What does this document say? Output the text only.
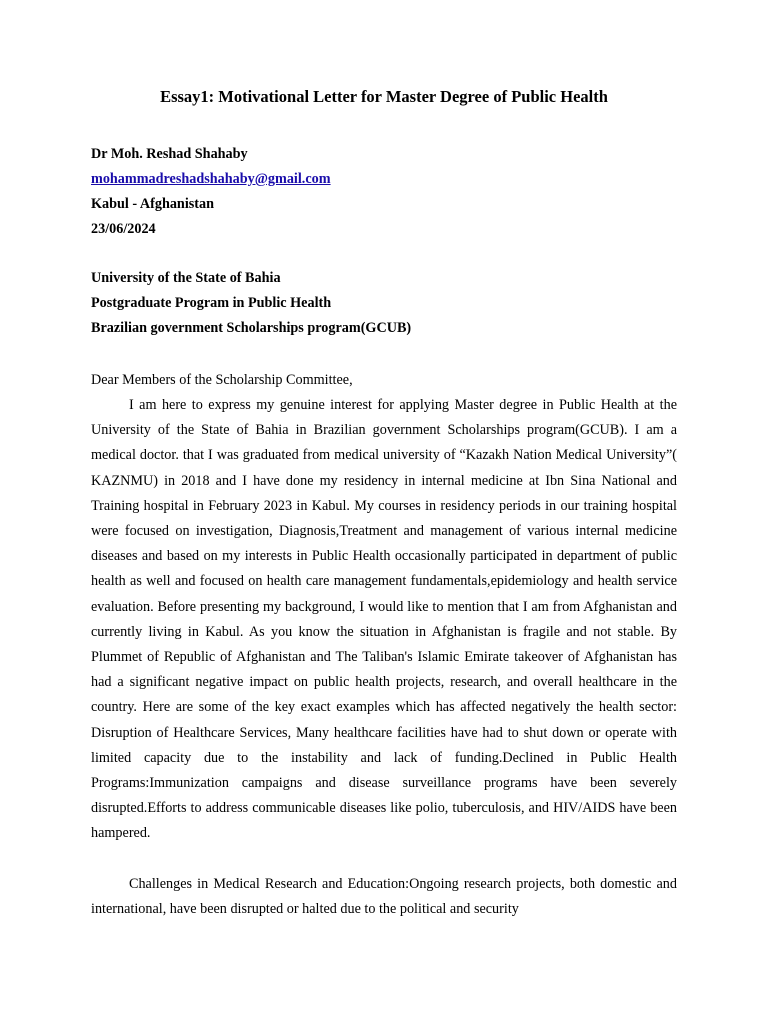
Essay1: Motivational Letter for Master Degree of Public Health
Dr Moh. Reshad Shahaby
mohammadreshadshahaby@gmail.com
Kabul - Afghanistan
23/06/2024
University of the State of Bahia
Postgraduate Program in Public Health
Brazilian government Scholarships program(GCUB)

Dear Members of the Scholarship Committee,

I am here to express my genuine interest for applying Master degree in Public Health at the University of the State of Bahia in Brazilian government Scholarships program(GCUB). I am a medical doctor. that I was graduated from medical university of “Kazakh Nation Medical University”( KAZNMU) in 2018 and I have done my residency in internal medicine at Ibn Sina National and Training hospital in February 2023 in Kabul. My courses in residency periods in our training hospital were focused on investigation, Diagnosis,Treatment and management of various internal medicine diseases and based on my interests in Public Health occasionally participated in department of public health as well and focused on health care management fundamentals,epidemiology and health service evaluation. Before presenting my background, I would like to mention that I am from Afghanistan and currently living in Kabul. As you know the situation in Afghanistan is fragile and not stable. By Plummet of Republic of Afghanistan and The Taliban's Islamic Emirate takeover of Afghanistan has had a significant negative impact on public health projects, research, and overall healthcare in the country. Here are some of the key exact examples which has affected negatively the health sector: Disruption of Healthcare Services, Many healthcare facilities have had to shut down or operate with limited capacity due to the instability and lack of funding.Declined in Public Health Programs:Immunization campaigns and disease surveillance programs have been severely disrupted.Efforts to address communicable diseases like polio, tuberculosis, and HIV/AIDS have been hampered.

Challenges in Medical Research and Education:Ongoing research projects, both domestic and international, have been disrupted or halted due to the political and security
